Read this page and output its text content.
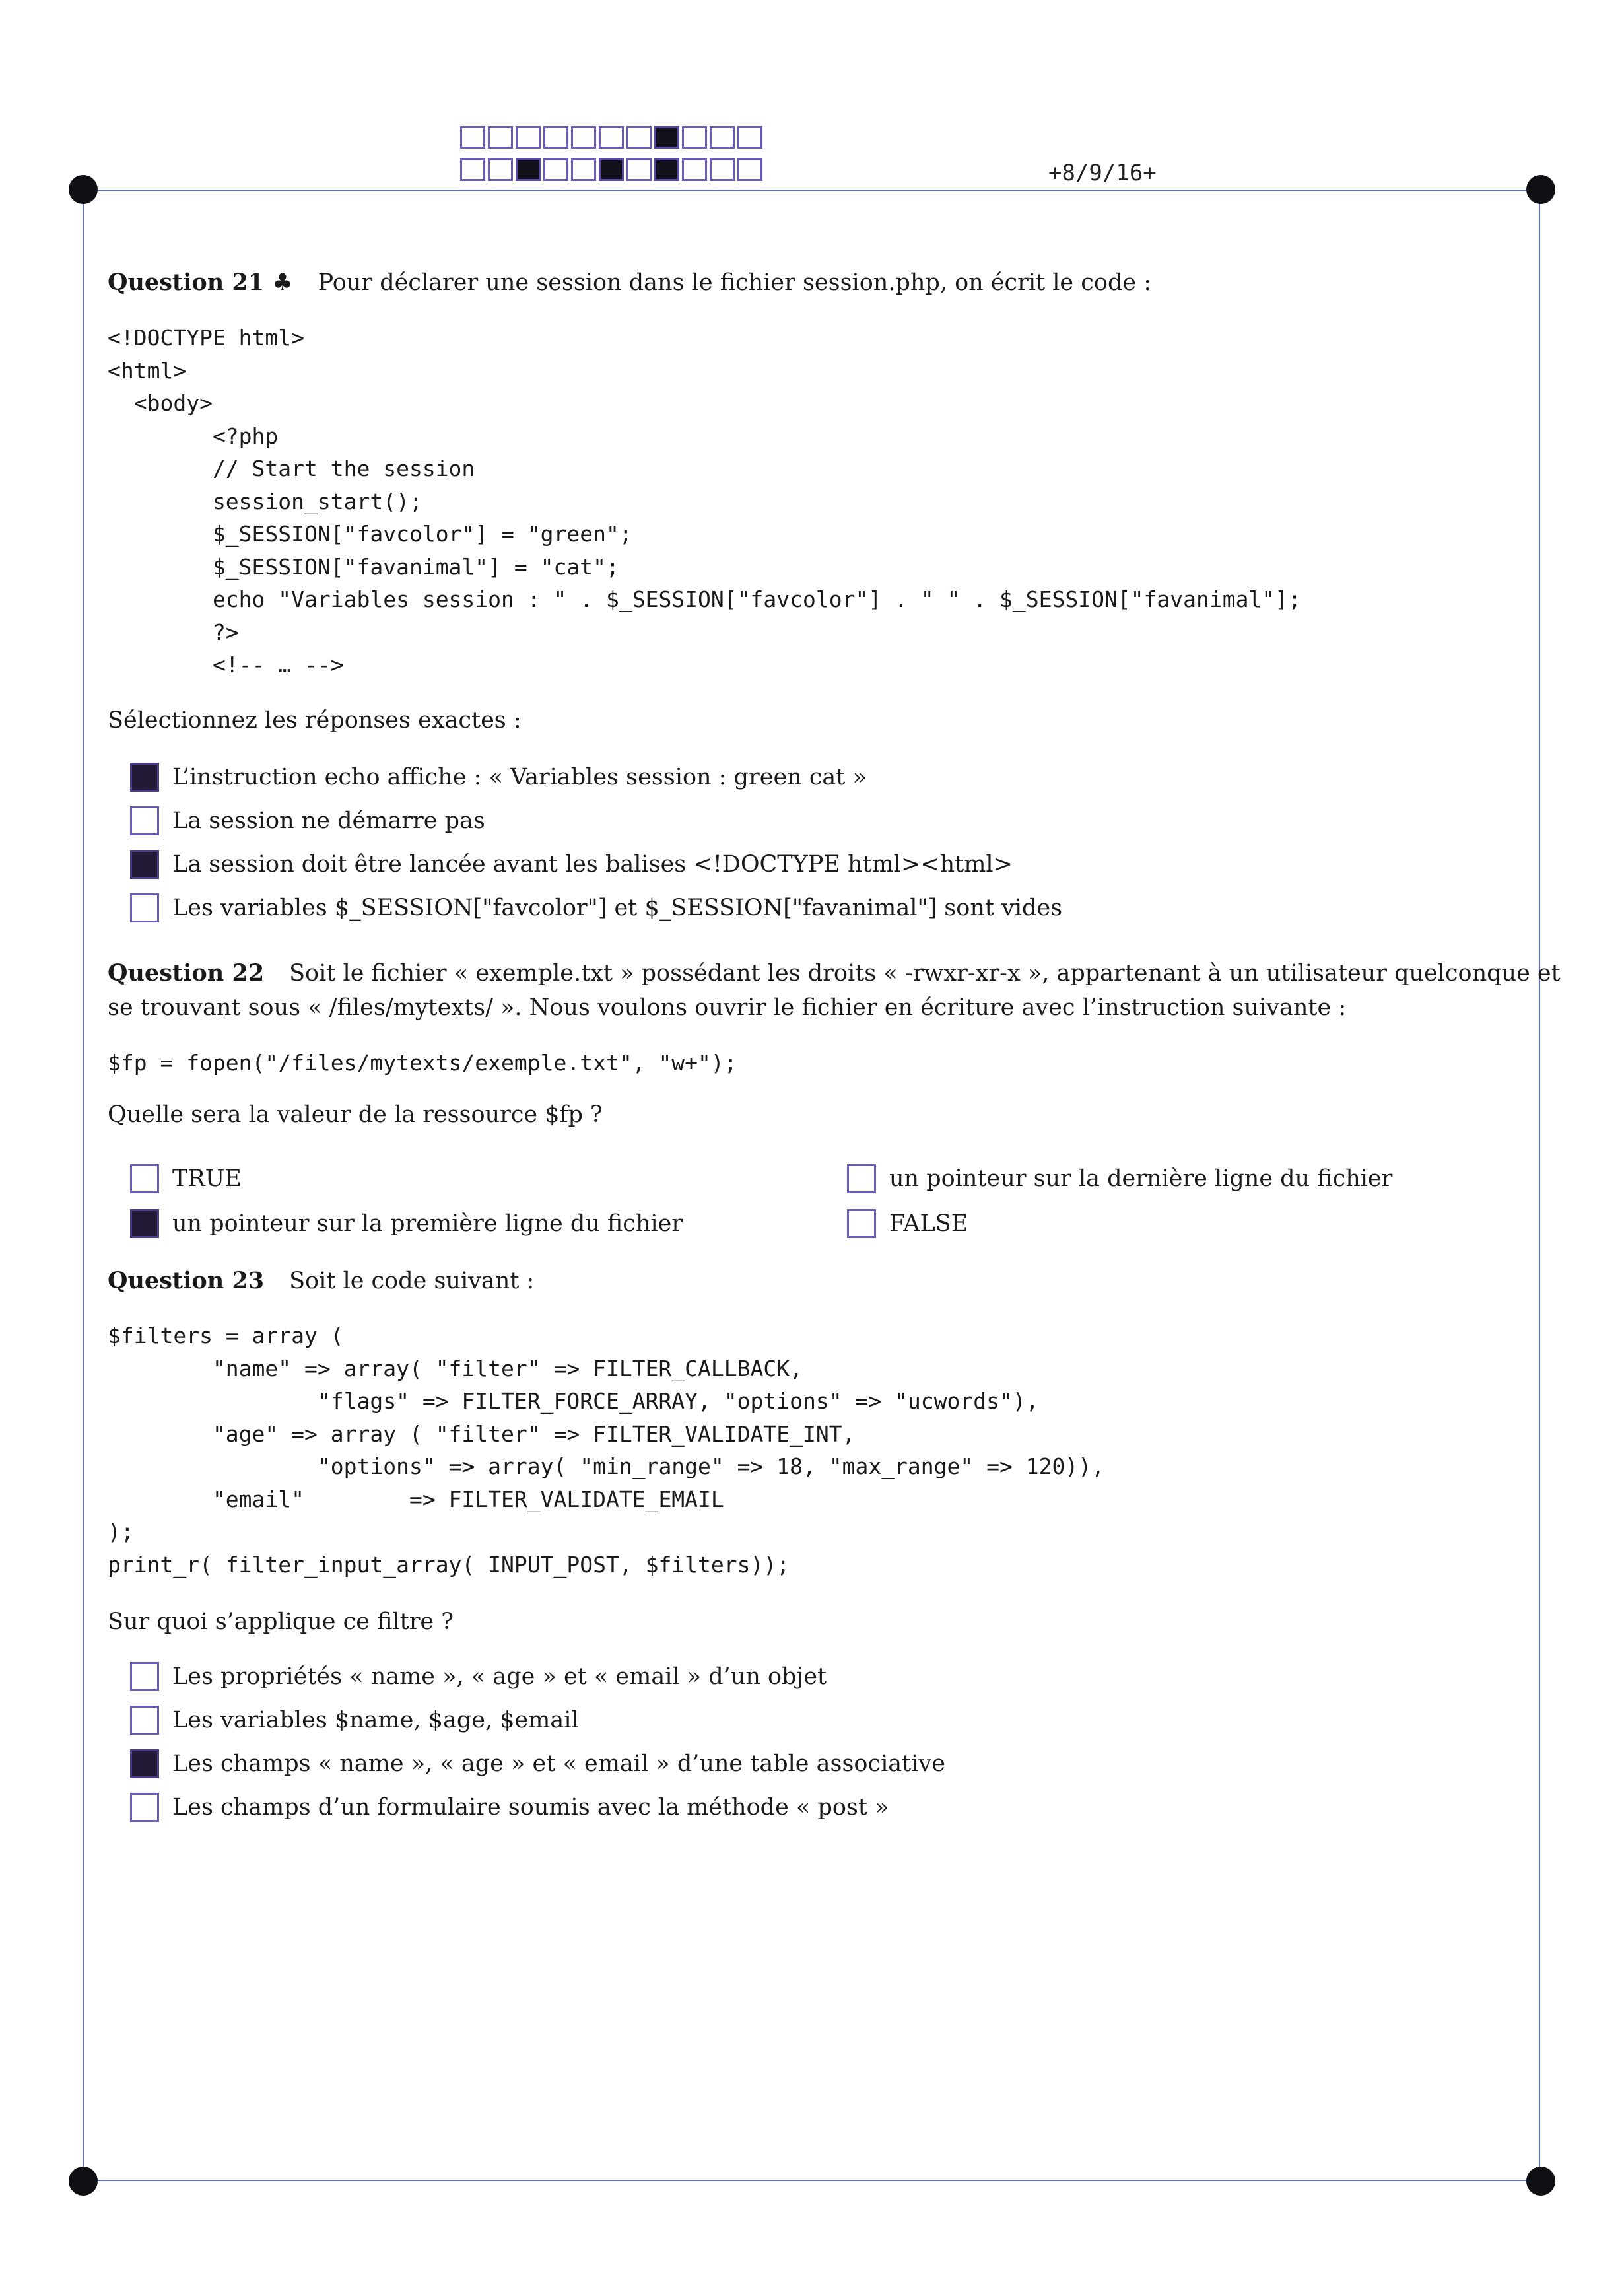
+8/9/16+
Question 21 ♣ Pour déclarer une session dans le fichier session.php, on écrit le code :
<!DOCTYPE html>
<html>
<body>
<?php
// Start the session
session_start();
$_SESSION["favcolor"] = "green";
$_SESSION["favanimal"] = "cat";
echo "Variables session : " . $_SESSION["favcolor"] . " " . $_SESSION["favanimal"];
?>
<!-- … -->
Sélectionnez les réponses exactes :
L’instruction echo affiche : « Variables session : green cat »
La session ne démarre pas
La session doit être lancée avant les balises <!DOCTYPE html><html>
Les variables $_SESSION["favcolor"] et $_SESSION["favanimal"] sont vides
Question 22 Soit le fichier « exemple.txt » possédant les droits « -rwxr-xr-x », appartenant à un utilisateur quelconque et
se trouvant sous « /files/mytexts/ ». Nous voulons ouvrir le fichier en écriture avec l’instruction suivante :
$fp = fopen("/files/mytexts/exemple.txt", "w+");
Quelle sera la valeur de la ressource $fp ?
TRUE	un pointeur sur la dernière ligne du fichier
un pointeur sur la première ligne du fichier	FALSE
Question 23 Soit le code suivant :
$filters = array (
"name" => array( "filter" => FILTER_CALLBACK,
"flags" => FILTER_FORCE_ARRAY, "options" => "ucwords"),
"age" => array ( "filter" => FILTER_VALIDATE_INT,
"options" => array( "min_range" => 18, "max_range" => 120)),
"email"        => FILTER_VALIDATE_EMAIL
);
print_r( filter_input_array( INPUT_POST, $filters));
Sur quoi s’applique ce filtre ?
Les propriétés « name », « age » et « email » d’un objet
Les variables $name, $age, $email
Les champs « name », « age » et « email » d’une table associative
Les champs d’un formulaire soumis avec la méthode « post »
